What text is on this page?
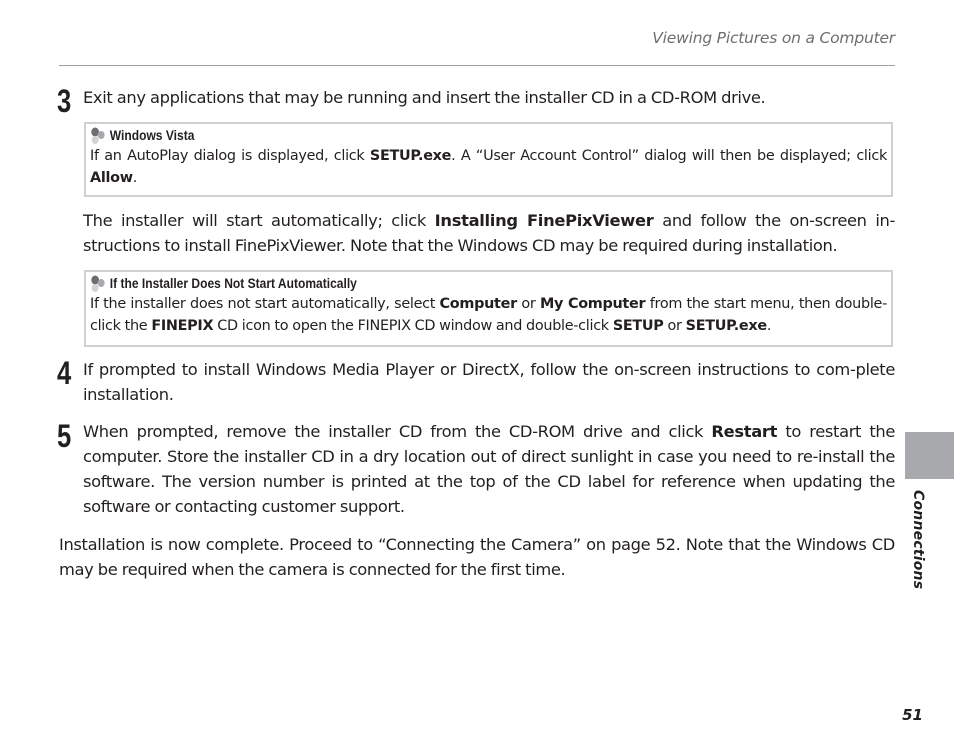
Viewing Pictures on a Computer
3 Exit any applications that may be running and insert the installer CD in a CD-ROM drive.
Windows Vista
If an AutoPlay dialog is displayed, click SETUP.exe. A “User Account Control” dialog will then be displayed; click Allow.
The installer will start automatically; click Installing FinePixViewer and follow the on-screen in-structions to install FinePixViewer. Note that the Windows CD may be required during installation.
If the Installer Does Not Start Automatically
If the installer does not start automatically, select Computer or My Computer from the start menu, then double-click the FINEPIX CD icon to open the FINEPIX CD window and double-click SETUP or SETUP.exe.
4 If prompted to install Windows Media Player or DirectX, follow the on-screen instructions to com-plete installation.
5 When prompted, remove the installer CD from the CD-ROM drive and click Restart to restart the computer. Store the installer CD in a dry location out of direct sunlight in case you need to re-install the software. The version number is printed at the top of the CD label for reference when updating the software or contacting customer support.
Installation is now complete. Proceed to “Connecting the Camera” on page 52. Note that the Windows CD may be required when the camera is connected for the first time.	Connections
51
